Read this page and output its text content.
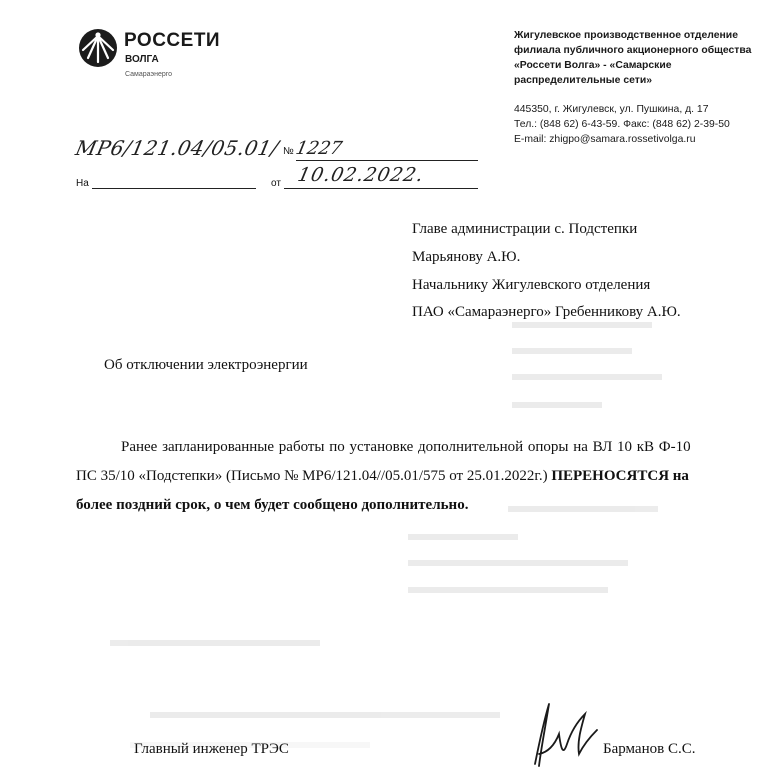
РОССЕТИ
ВОЛГА
Самараэнерго
Жигулевское производственное отделение
филиала публичного акционерного общества
«Россети Волга» - «Самарские
распределительные сети»
445350, г. Жигулевск, ул. Пушкина, д. 17
Тел.: (848 62) 6-43-59. Факс: (848 62) 2-39-50
E-mail: zhigpo@samara.rossetivolga.ru
МР6/121.04/05.01/ № 1227
На	от 10.02.2022.
Главе администрации с. Подстепки
Марьянову А.Ю.
Начальнику Жигулевского отделения
ПАО «Самараэнерго» Гребенникову А.Ю.
Об отключении электроэнергии
Ранее запланированные работы по установке дополнительной опоры на ВЛ 10 кВ Ф-10
ПС 35/10 «Подстепки» (Письмо № МР6/121.04//05.01/575 от 25.01.2022г.) ПЕРЕНОСЯТСЯ на
более поздний срок, о чем будет сообщено дополнительно.
Главный инженер ТРЭС	Барманов С.С.
